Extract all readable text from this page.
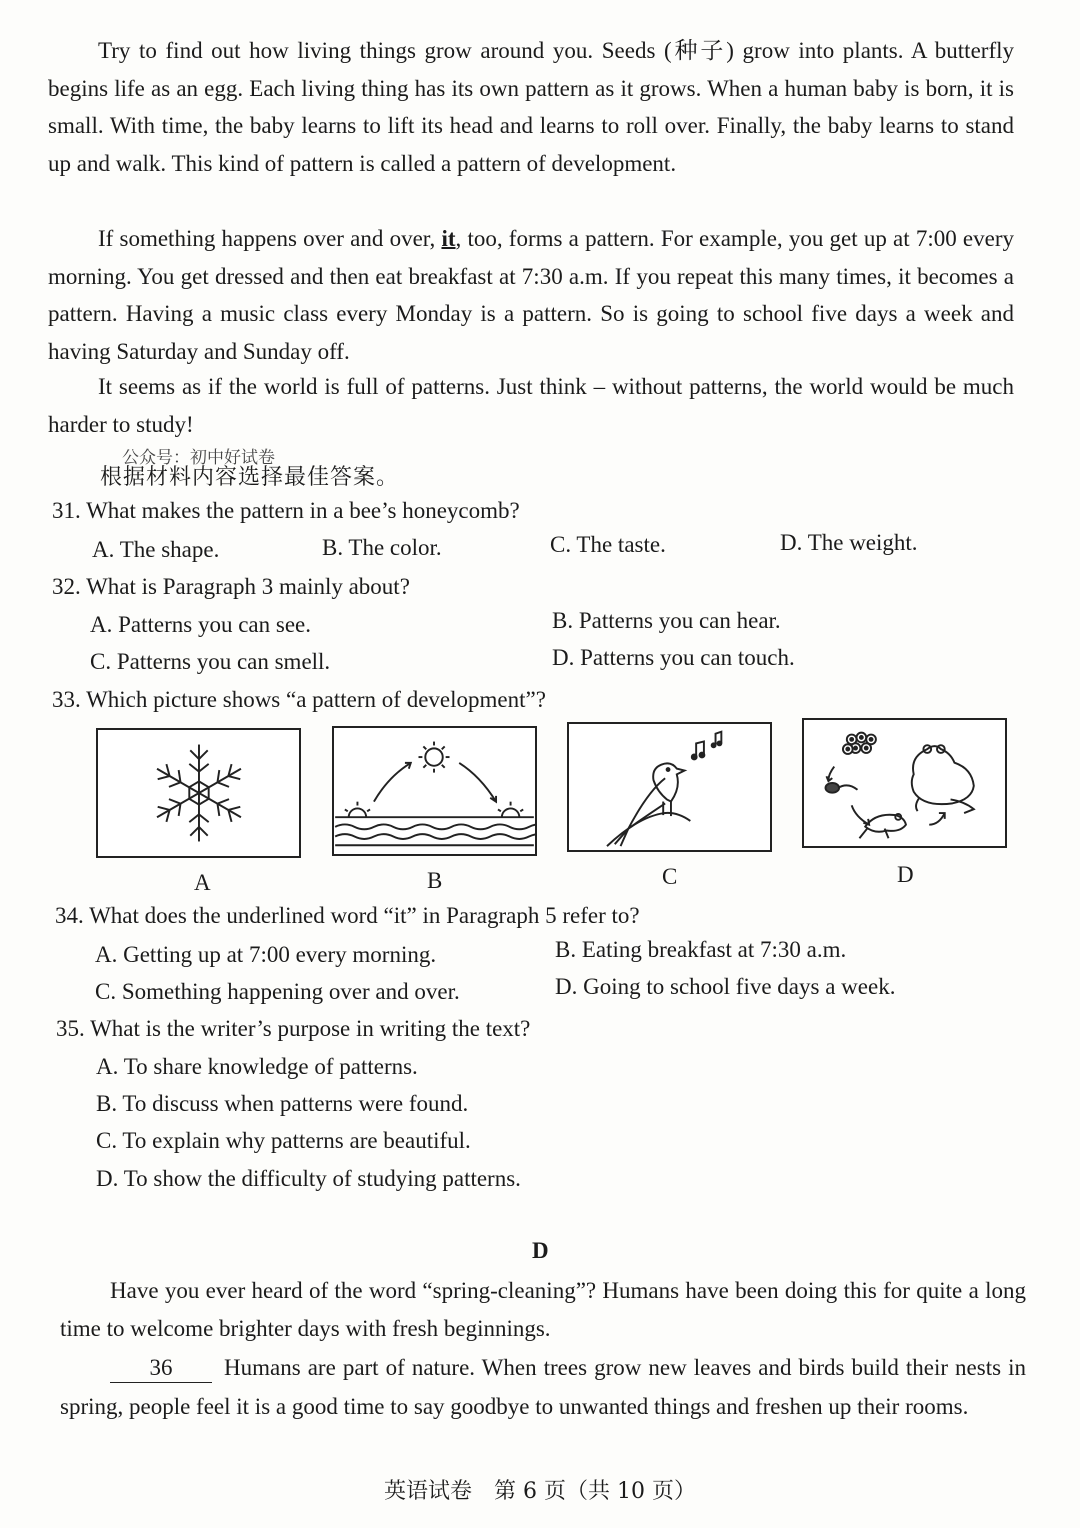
Try to find out how living things grow around you. Seeds (种子) grow into plants. A butterfly begins life as an egg. Each living thing has its own pattern as it grows. When a human baby is born, it is small. With time, the baby learns to lift its head and learns to roll over. Finally, the baby learns to stand up and walk. This kind of pattern is called a pattern of development.

If something happens over and over, it, too, forms a pattern. For example, you get up at 7:00 every morning. You get dressed and then eat breakfast at 7:30 a.m. If you repeat this many times, it becomes a pattern. Having a music class every Monday is a pattern. So is going to school five days a week and having Saturday and Sunday off.

It seems as if the world is full of patterns. Just think – without patterns, the world would be much harder to study!

公众号：初中好试卷
根据材料内容选择最佳答案。
31. What makes the pattern in a bee’s honeycomb?
A. The shape.	B. The color.	C. The taste.	D. The weight.
32. What is Paragraph 3 mainly about?
A. Patterns you can see.	B. Patterns you can hear.
C. Patterns you can smell.	D. Patterns you can touch.
33. Which picture shows “a pattern of development”?
A	B	C	D
34. What does the underlined word “it” in Paragraph 5 refer to?
A. Getting up at 7:00 every morning.	B. Eating breakfast at 7:30 a.m.
C. Something happening over and over.	D. Going to school five days a week.
35. What is the writer’s purpose in writing the text?
A. To share knowledge of patterns.
B. To discuss when patterns were found.
C. To explain why patterns are beautiful.
D. To show the difficulty of studying patterns.
D

Have you ever heard of the word “spring-cleaning”? Humans have been doing this for quite a long time to welcome brighter days with fresh beginnings.

36 Humans are part of nature. When trees grow new leaves and birds build their nests in spring, people feel it is a good time to say goodbye to unwanted things and freshen up their rooms.

英语试卷　第 6 页（共 10 页）
